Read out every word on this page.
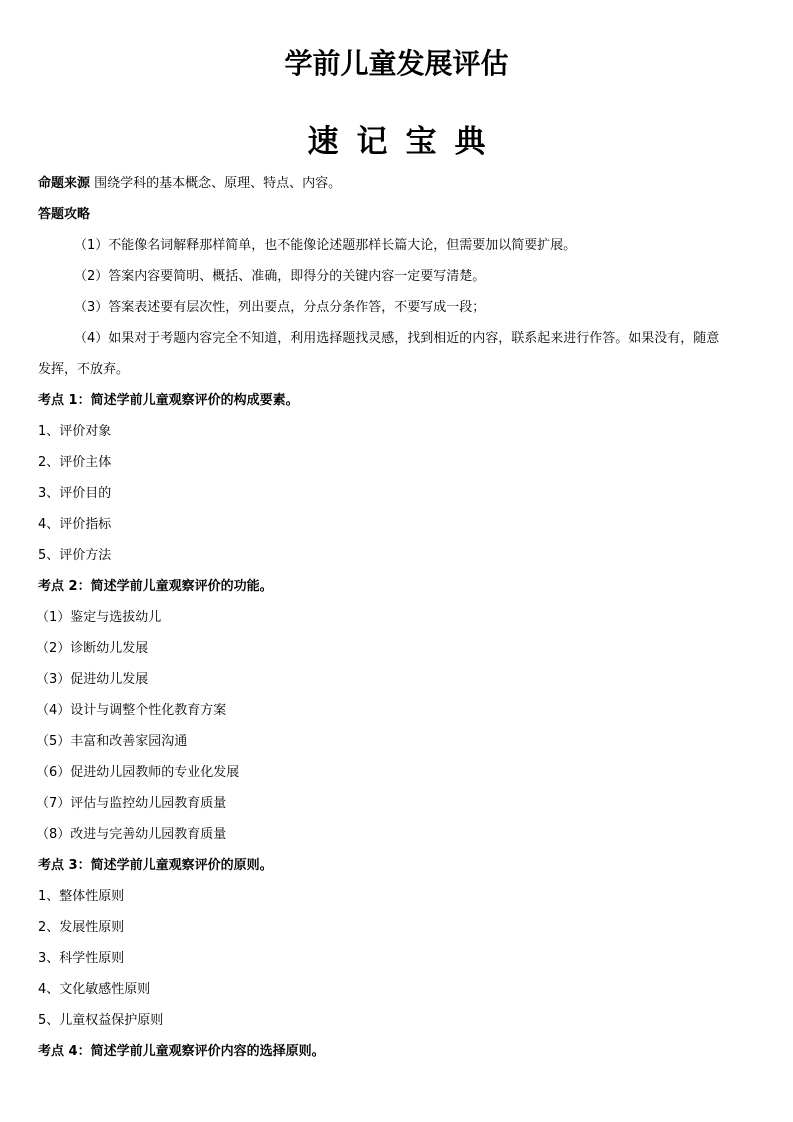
学前儿童发展评估
速记宝典

命题来源 围绕学科的基本概念、原理、特点、内容。

答题攻略

（1）不能像名词解释那样简单，也不能像论述题那样长篇大论，但需要加以简要扩展。

（2）答案内容要简明、概括、准确，即得分的关键内容一定要写清楚。

（3）答案表述要有层次性，列出要点，分点分条作答，不要写成一段；

（4）如果对于考题内容完全不知道，利用选择题找灵感，找到相近的内容，联系起来进行作答。如果没有，随意

发挥，不放弃。

考点 1：简述学前儿童观察评价的构成要素。

1、评价对象

2、评价主体

3、评价目的

4、评价指标

5、评价方法

考点 2：简述学前儿童观察评价的功能。

（1）鉴定与选拔幼儿

（2）诊断幼儿发展

（3）促进幼儿发展

（4）设计与调整个性化教育方案

（5）丰富和改善家园沟通

（6）促进幼儿园教师的专业化发展

（7）评估与监控幼儿园教育质量

（8）改进与完善幼儿园教育质量

考点 3：简述学前儿童观察评价的原则。

1、整体性原则

2、发展性原则

3、科学性原则

4、文化敏感性原则

5、儿童权益保护原则

考点 4：简述学前儿童观察评价内容的选择原则。
